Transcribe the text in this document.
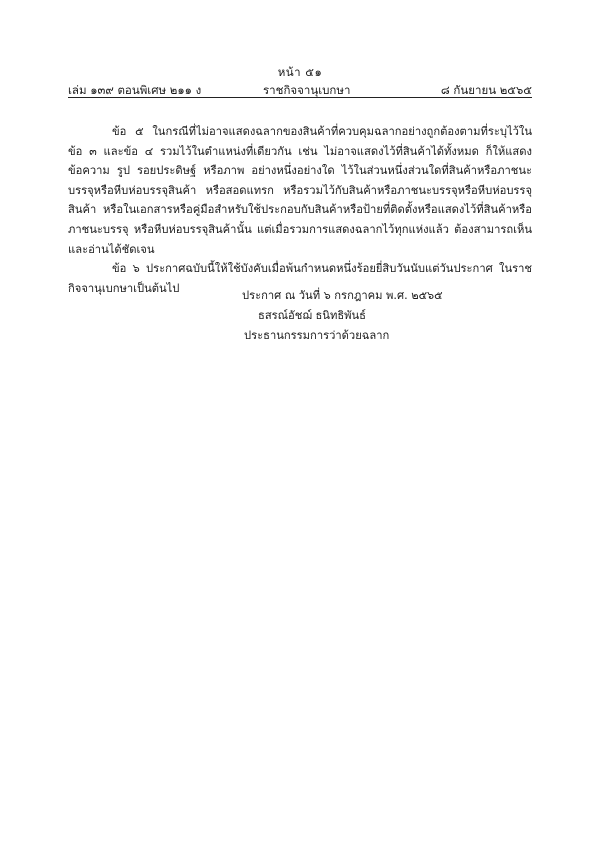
หน้า ๕๑
เล่ม ๑๓๙ ตอนพิเศษ ๒๑๑ ง	ราชกิจจานุเบกษา	๘ กันยายน ๒๕๖๕

ข้อ ๕ ในกรณีที่ไม่อาจแสดงฉลากของสินค้าที่ควบคุมฉลากอย่างถูกต้องตามที่ระบุไว้ใน ข้อ ๓ และข้อ ๔ รวมไว้ในตำแหน่งที่เดียวกัน เช่น ไม่อาจแสดงไว้ที่สินค้าได้ทั้งหมด ก็ให้แสดง ข้อความ รูป รอยประดิษฐ์ หรือภาพ อย่างหนึ่งอย่างใด ไว้ในส่วนหนึ่งส่วนใดที่สินค้าหรือภาชนะ บรรจุหรือหีบห่อบรรจุสินค้า หรือสอดแทรก หรือรวมไว้กับสินค้าหรือภาชนะบรรจุหรือหีบห่อบรรจุสินค้า หรือในเอกสารหรือคู่มือสำหรับใช้ประกอบกับสินค้าหรือป้ายที่ติดตั้งหรือแสดงไว้ที่สินค้าหรือภาชนะบรรจุ หรือหีบห่อบรรจุสินค้านั้น แต่เมื่อรวมการแสดงฉลากไว้ทุกแห่งแล้ว ต้องสามารถเห็นและอ่านได้ชัดเจน

ข้อ ๖ ประกาศฉบับนี้ให้ใช้บังคับเมื่อพ้นกำหนดหนึ่งร้อยยี่สิบวันนับแต่วันประกาศ ในราชกิจจานุเบกษาเป็นต้นไป

ประกาศ ณ วันที่ ๖ กรกฎาคม พ.ศ. ๒๕๖๕
ธสรณ์อัชฌ์ ธนิทธิพันธ์
ประธานกรรมการว่าด้วยฉลาก
